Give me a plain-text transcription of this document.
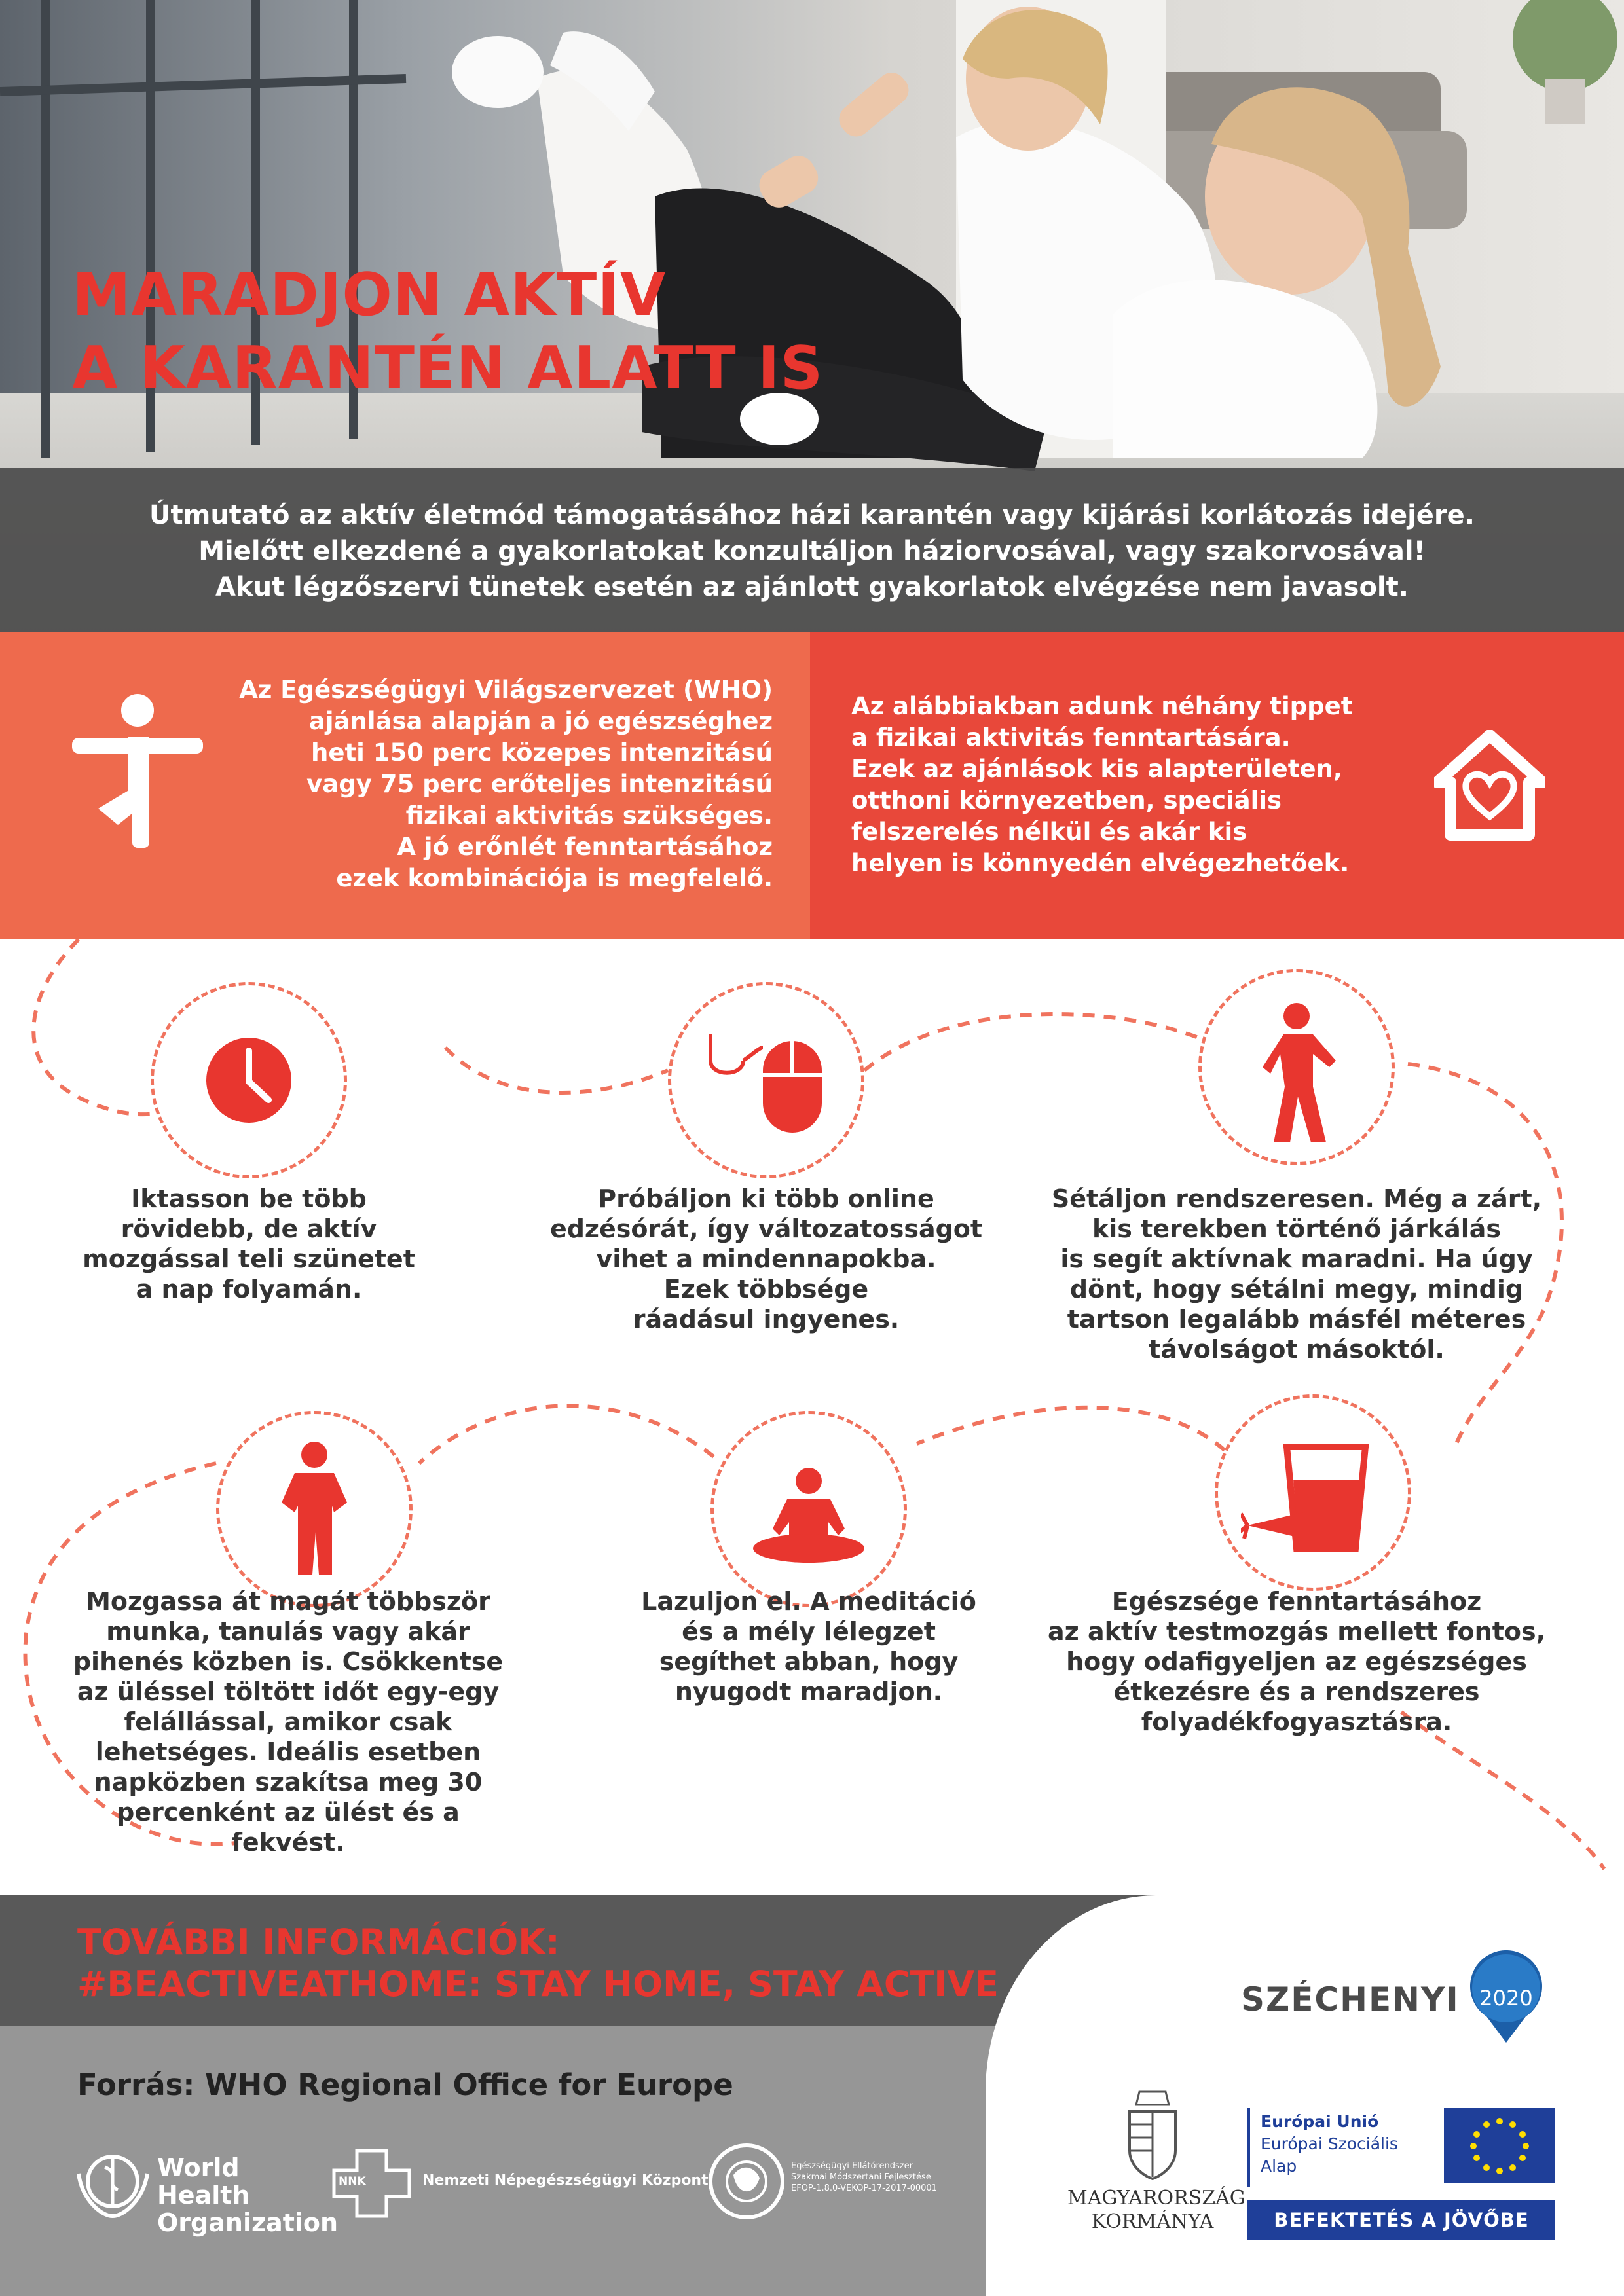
MARADJON AKTÍV
A KARANTÉN ALATT IS

Útmutató az aktív életmód támogatásához házi karantén vagy kijárási korlátozás idejére.
Mielőtt elkezdené a gyakorlatokat konzultáljon háziorvosával, vagy szakorvosával!
Akut légzőszervi tünetek esetén az ajánlott gyakorlatok elvégzése nem javasolt.

Az Egészségügyi Világszervezet (WHO)
ajánlása alapján a jó egészséghez
heti 150 perc közepes intenzitású
vagy 75 perc erőteljes intenzitású
fizikai aktivitás szükséges.
A jó erőnlét fenntartásához
ezek kombinációja is megfelelő.

Az alábbiakban adunk néhány tippet
a fizikai aktivitás fenntartására.
Ezek az ajánlások kis alapterületen,
otthoni környezetben, speciális
felszerelés nélkül és akár kis
helyen is könnyedén elvégezhetőek.

Iktasson be több
rövidebb, de aktív
mozgással teli szünetet
a nap folyamán.

Próbáljon ki több online
edzésórát, így változatosságot
vihet a mindennapokba.
Ezek többsége
ráadásul ingyenes.

Sétáljon rendszeresen. Még a zárt,
kis terekben történő járkálás
is segít aktívnak maradni. Ha úgy
dönt, hogy sétálni megy, mindig
tartson legalább másfél méteres
távolságot másoktól.

Mozgassa át magát többször
munka, tanulás vagy akár
pihenés közben is. Csökkentse
az üléssel töltött időt egy-egy
felállással, amikor csak
lehetséges. Ideális esetben
napközben szakítsa meg 30
percenként az ülést és a fekvést.

Lazuljon el. A meditáció
és a mély lélegzet
segíthet abban, hogy
nyugodt maradjon.

Egészsége fenntartásához
az aktív testmozgás mellett fontos,
hogy odafigyeljen az egészséges
étkezésre és a rendszeres
folyadékfogyasztásra.

TOVÁBBI INFORMÁCIÓK:
#BEACTIVEATHOME: STAY HOME, STAY ACTIVE

Forrás: WHO Regional Office for Europe

World Health
Organization
NNK	Nemzeti Népegészségügyi Központ
Egészségügyi Ellátórendszer
Szakmai Módszertani Fejlesztése
EFOP-1.8.0-VEKOP-17-2017-00001
SZÉCHENYI 2020
MAGYARORSZÁG
KORMÁNYA
Európai Unió
Európai Szociális
Alap
BEFEKTETÉS A JÖVŐBE
